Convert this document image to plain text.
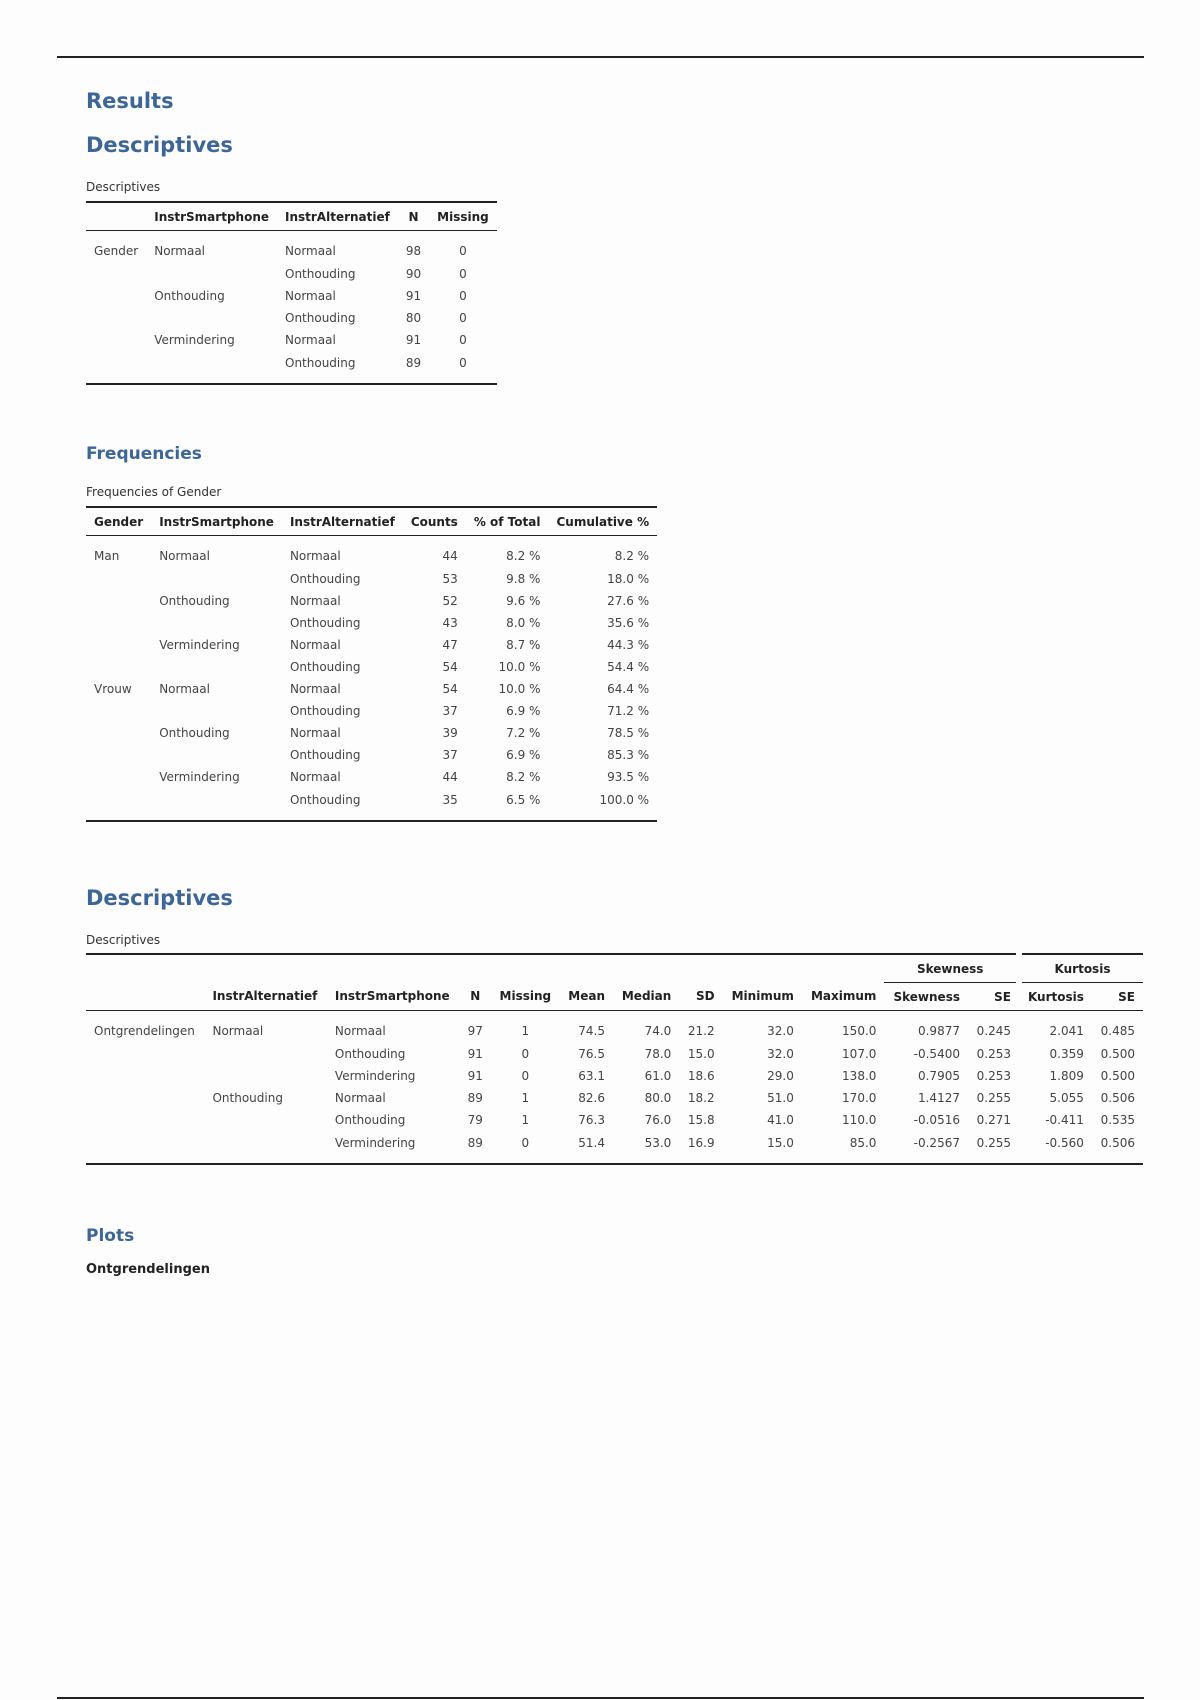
Results
Descriptives

Descriptives

	InstrSmartphone	InstrAlternatief	N	Missing
Gender	Normaal	Normaal	98	0
		Onthouding	90	0
	Onthouding	Normaal	91	0
		Onthouding	80	0
	Vermindering	Normaal	91	0
		Onthouding	89	0
Frequencies

Frequencies of Gender

Gender	InstrSmartphone	InstrAlternatief	Counts	% of Total	Cumulative %
Man	Normaal	Normaal	44	8.2 %	8.2 %
		Onthouding	53	9.8 %	18.0 %
	Onthouding	Normaal	52	9.6 %	27.6 %
		Onthouding	43	8.0 %	35.6 %
	Vermindering	Normaal	47	8.7 %	44.3 %
		Onthouding	54	10.0 %	54.4 %
Vrouw	Normaal	Normaal	54	10.0 %	64.4 %
		Onthouding	37	6.9 %	71.2 %
	Onthouding	Normaal	39	7.2 %	78.5 %
		Onthouding	37	6.9 %	85.3 %
	Vermindering	Normaal	44	8.2 %	93.5 %
		Onthouding	35	6.5 %	100.0 %
Descriptives

Descriptives

										Skewness		Kurtosis	
	InstrAlternatief	InstrSmartphone	N	Missing	Mean	Median	SD	Minimum	Maximum	Skewness	SE	Kurtosis	SE
Ontgrendelingen	Normaal	Normaal	97	1	74.5	74.0	21.2	32.0	150.0	0.9877	0.245	2.041	0.485
		Onthouding	91	0	76.5	78.0	15.0	32.0	107.0	-0.5400	0.253	0.359	0.500
		Vermindering	91	0	63.1	61.0	18.6	29.0	138.0	0.7905	0.253	1.809	0.500
	Onthouding	Normaal	89	1	82.6	80.0	18.2	51.0	170.0	1.4127	0.255	5.055	0.506
		Onthouding	79	1	76.3	76.0	15.8	41.0	110.0	-0.0516	0.271	-0.411	0.535
		Vermindering	89	0	51.4	53.0	16.9	15.0	85.0	-0.2567	0.255	-0.560	0.506
Plots

Ontgrendelingen
